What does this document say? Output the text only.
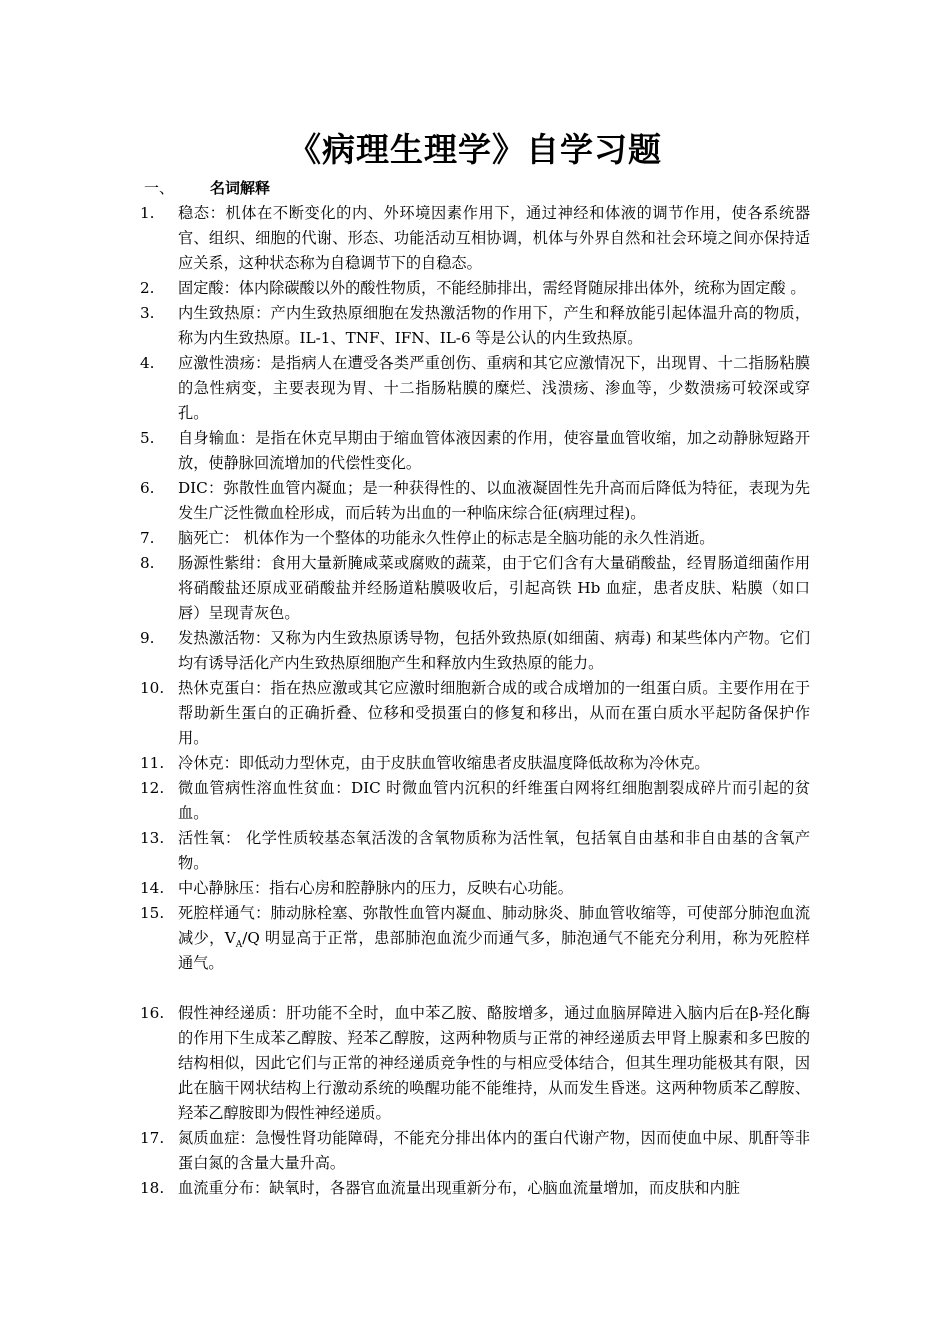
《病理生理学》自学习题
一、	名词解释
1.	稳态：机体在不断变化的内、外环境因素作用下，通过神经和体液的调节作用，使各系统器官、组织、细胞的代谢、形态、功能活动互相协调，机体与外界自然和社会环境之间亦保持适应关系，这种状态称为自稳调节下的自稳态。
2.	固定酸：体内除碳酸以外的酸性物质，不能经肺排出，需经肾随尿排出体外，统称为固定酸 。
3.	内生致热原：产内生致热原细胞在发热激活物的作用下，产生和释放能引起体温升高的物质，称为内生致热原。IL-1、TNF、IFN、IL-6 等是公认的内生致热原。
4.	应激性溃疡：是指病人在遭受各类严重创伤、重病和其它应激情况下，出现胃、十二指肠粘膜的急性病变，主要表现为胃、十二指肠粘膜的糜烂、浅溃疡、渗血等，少数溃疡可较深或穿孔。
5.	自身输血：是指在休克早期由于缩血管体液因素的作用，使容量血管收缩，加之动静脉短路开放，使静脉回流增加的代偿性变化。
6.	DIC：弥散性血管内凝血；是一种获得性的、以血液凝固性先升高而后降低为特征，表现为先发生广泛性微血栓形成，而后转为出血的一种临床综合征(病理过程)。
7.	脑死亡： 机体作为一个整体的功能永久性停止的标志是全脑功能的永久性消逝。
8.	肠源性紫绀：食用大量新腌咸菜或腐败的蔬菜，由于它们含有大量硝酸盐，经胃肠道细菌作用将硝酸盐还原成亚硝酸盐并经肠道粘膜吸收后，引起高铁 Hb 血症，患者皮肤、粘膜（如口唇）呈现青灰色。
9.	发热激活物：又称为内生致热原诱导物，包括外致热原(如细菌、病毒) 和某些体内产物。它们均有诱导活化产内生致热原细胞产生和释放内生致热原的能力。
10. 热休克蛋白：指在热应激或其它应激时细胞新合成的或合成增加的一组蛋白质。主要作用在于帮助新生蛋白的正确折叠、位移和受损蛋白的修复和移出，从而在蛋白质水平起防备保护作用。
11. 冷休克：即低动力型休克，由于皮肤血管收缩患者皮肤温度降低故称为冷休克。
12. 微血管病性溶血性贫血：DIC 时微血管内沉积的纤维蛋白网将红细胞割裂成碎片而引起的贫血。
13. 活性氧： 化学性质较基态氧活泼的含氧物质称为活性氧，包括氧自由基和非自由基的含氧产物。
14. 中心静脉压：指右心房和腔静脉内的压力，反映右心功能。
15. 死腔样通气：肺动脉栓塞、弥散性血管内凝血、肺动脉炎、肺血管收缩等，可使部分肺泡血流减少，$V_A/Q$ 明显高于正常，患部肺泡血流少而通气多，肺泡通气不能充分利用，称为死腔样通气。
16. 假性神经递质：肝功能不全时，血中苯乙胺、酪胺增多，通过血脑屏障进入脑内后在β-羟化酶的作用下生成苯乙醇胺、羟苯乙醇胺，这两种物质与正常的神经递质去甲肾上腺素和多巴胺的结构相似，因此它们与正常的神经递质竞争性的与相应受体结合，但其生理功能极其有限，因此在脑干网状结构上行激动系统的唤醒功能不能维持，从而发生昏迷。这两种物质苯乙醇胺、羟苯乙醇胺即为假性神经递质。
17. 氮质血症：急慢性肾功能障碍，不能充分排出体内的蛋白代谢产物，因而使血中尿、肌酐等非蛋白氮的含量大量升高。
18. 血流重分布：缺氧时，各器官血流量出现重新分布，心脑血流量增加，而皮肤和内脏
